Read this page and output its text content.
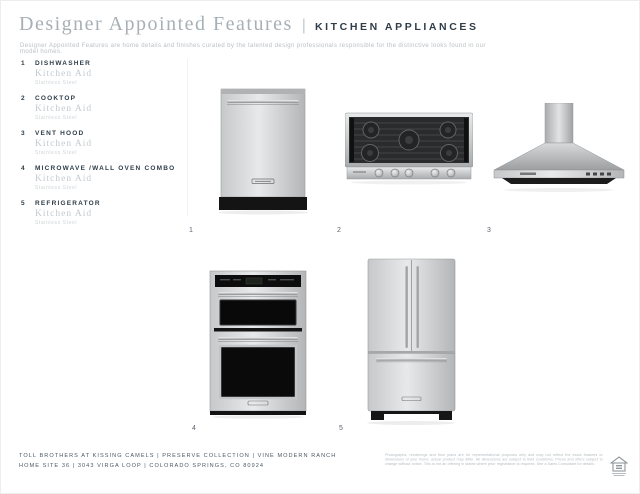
Designer Appointed Features | KITCHEN APPLIANCES

Designer Appointed Features are home details and finishes curated by the talented design professionals responsible for the distinctive looks found in our model homes.

1	DISHWASHER
Kitchen Aid
Stainless Steel
2	COOKTOP
Kitchen Aid
Stainless Steel
3	VENT HOOD
Kitchen Aid
Stainless Steel
4	MICROWAVE /WALL OVEN COMBO
Kitchen Aid
Stainless Steel
5	REFRIGERATOR
Kitchen Aid
Stainless Steel
1	2	3
4	5
TOLL BROTHERS AT KISSING CAMELS | PRESERVE COLLECTION | VINE MODERN RANCH
HOME SITE 36 | 3043 VIRGA LOOP | COLORADO SPRINGS, CO 80924
Photographs, renderings and floor plans are for representational purposes only and may not reflect the exact features or dimensions of your home; actual product may differ. All dimensions are subject to field conditions. Prices and offers subject to change without notice. This is not an offering in states where prior registration is required. See a Sales Consultant for details.
